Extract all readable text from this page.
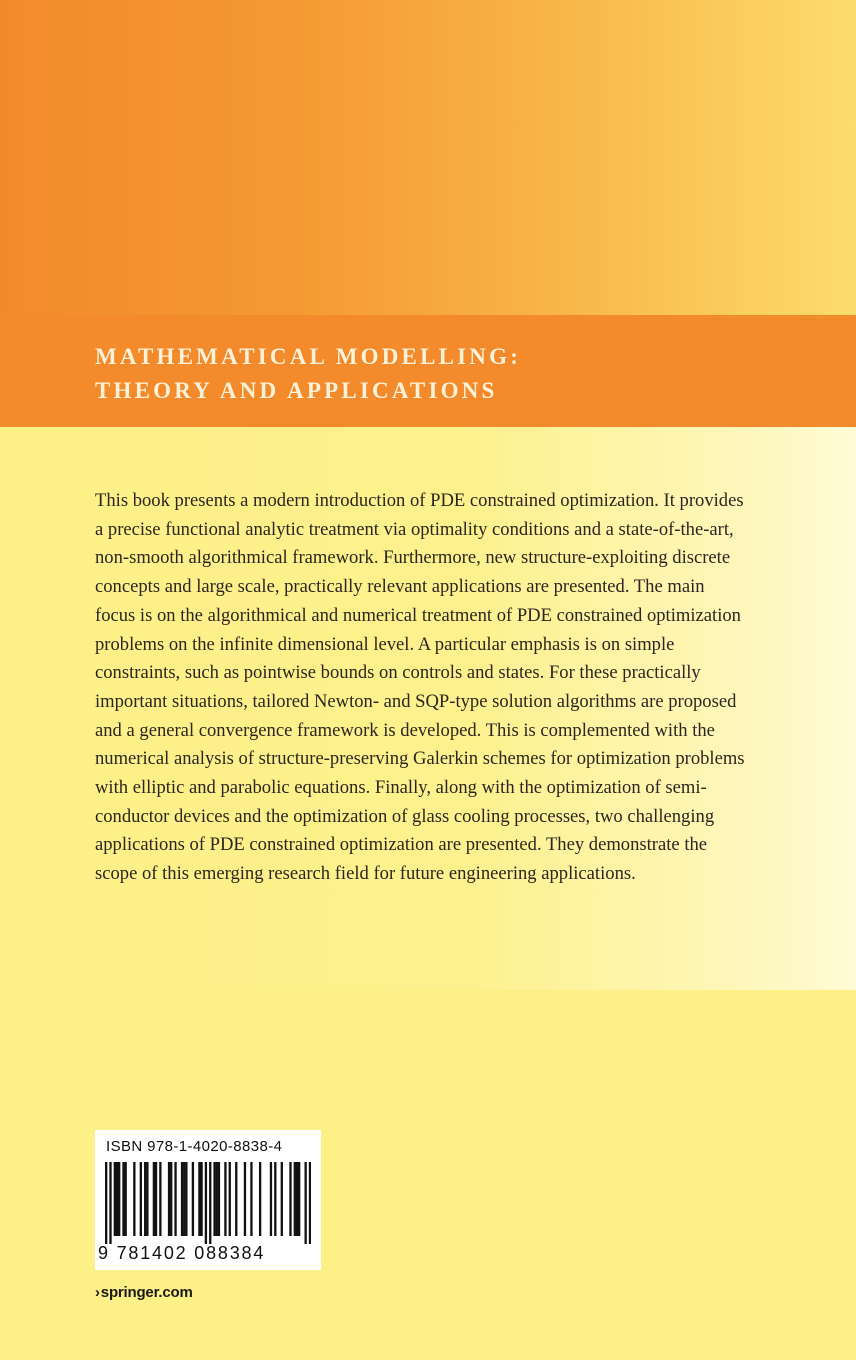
MATHEMATICAL MODELLING:
THEORY AND APPLICATIONS

This book presents a modern introduction of PDE constrained optimization. It provides
a precise functional analytic treatment via optimality conditions and a state-of-the-art,
non-smooth algorithmical framework. Furthermore, new structure-exploiting discrete
concepts and large scale, practically relevant applications are presented. The main
focus is on the algorithmical and numerical treatment of PDE constrained optimization
problems on the infinite dimensional level. A particular emphasis is on simple
constraints, such as pointwise bounds on controls and states. For these practically
important situations, tailored Newton- and SQP-type solution algorithms are proposed
and a general convergence framework is developed. This is complemented with the
numerical analysis of structure-preserving Galerkin schemes for optimization problems
with elliptic and parabolic equations. Finally, along with the optimization of semi-
conductor devices and the optimization of glass cooling processes, two challenging
applications of PDE constrained optimization are presented. They demonstrate the
scope of this emerging research field for future engineering applications.

ISBN 978-1-4020-8838-4

9 781402 088384

›springer.com
